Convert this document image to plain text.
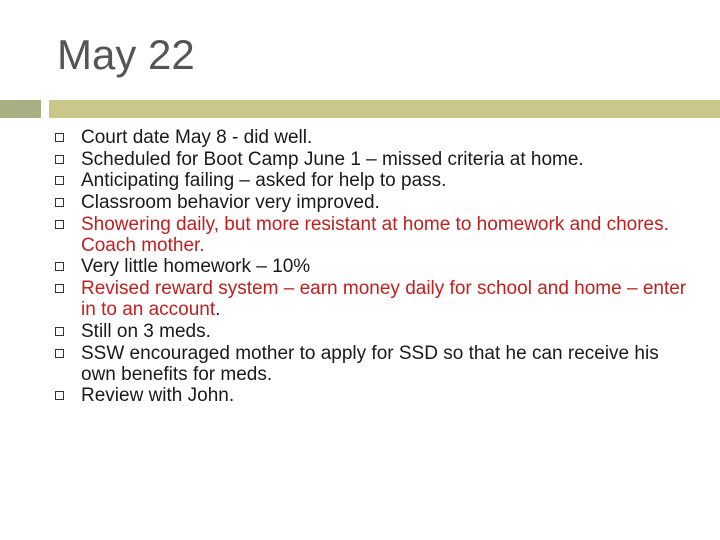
May 22
Court date May 8 - did well.
Scheduled for Boot Camp June 1 – missed criteria at home.
Anticipating failing – asked for help to pass.
Classroom behavior very improved.
Showering daily, but more resistant at home to homework and chores. Coach mother.
Very little homework – 10%
Revised reward system – earn money daily for school and home – enter in to an account.
Still on 3 meds.
SSW encouraged mother to apply for SSD so that he can receive his own benefits for meds.
Review with John.
